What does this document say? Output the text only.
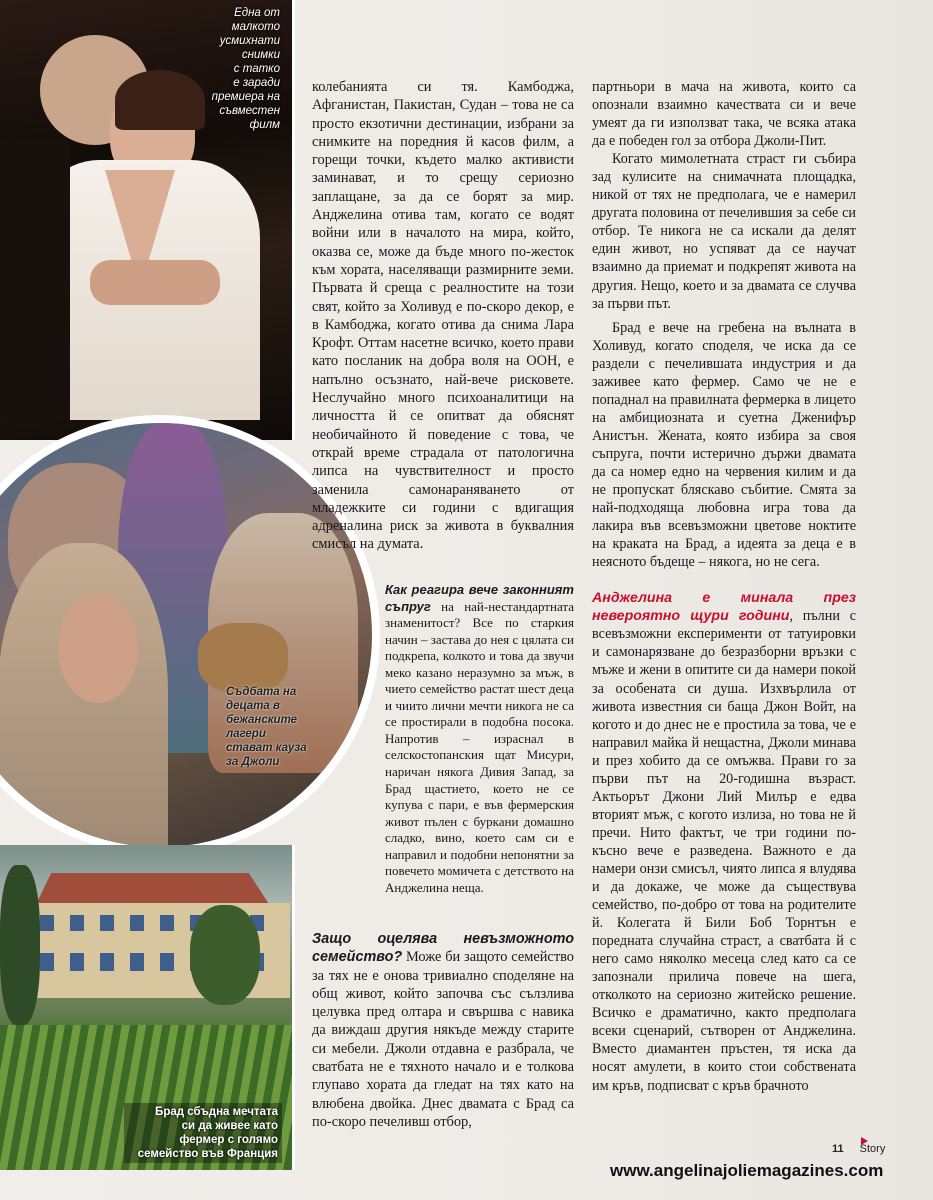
Една от
малкото
усмихнати
снимки
с татко
е заради
премиера на
съвместен
филм
Съдбата на
децата в
бежанските
лагери
стават кауза
за Джоли
Брад сбъдна мечтата
си да живее като
фермер с голямо
семейство във Франция

колебанията си тя. Камбоджа, Афганистан, Пакистан, Судан – това не са просто екзотични дестинации, избрани за снимките на поредния й касов филм, а горещи точки, където малко активисти заминават, и то срещу сериозно заплащане, за да се борят за мир. Анджелина отива там, когато се водят войни или в началото на мира, който, оказва се, може да бъде много по-жесток към хората, населяващи размирните земи. Първата й среща с реалностите на този свят, който за Холивуд е по-скоро декор, е в Камбоджа, когато отива да снима Лара Крофт. Оттам насетне всичко, което прави като посланик на добра воля на ООН, е напълно осъзнато, най-вече рисковете. Неслучайно много психоаналитици на личността й се опитват да обяснят необичайното й поведение с това, че открай време страдала от патологична липса на чувствителност и просто заменила самонараняването от младежките си години с вдигащия адреналина риск за живота в буквалния смисъл на думата.

Как реагира вече законният съпруг на най-нестандартната знаменитост? Все по старкия начин – застава до нея с цялата си подкрепа, колкото и това да звучи меко казано неразумно за мъж, в чието семейство растат шест деца и чиито лични мечти никога не са се простирали в подобна посока. Напротив – израснал в селскостопанския щат Мисури, наричан някога Дивия Запад, за Брад щастието, което не се купува с пари, е във фермерския живот пълен с буркани домашно сладко, вино, което сам си е направил и подобни непонятни за повечето момичета с детството на Анджелина неща.

Защо оцелява невъзможното семейство? Може би защото семейство за тях не е онова тривиално споделяне на общ живот, който започва със сълзлива целувка пред олтара и свършва с навика да виждаш другия някъде между старите си мебели. Джоли отдавна е разбрала, че сватбата не е тяхното начало и е толкова глупаво хората да гледат на тях като на влюбена двойка. Днес двамата с Брад са по-скоро печеливш отбор,

партньори в мача на живота, които са опознали взаимно качествата си и вече умеят да ги използват така, че всяка атака да е победен гол за отбора Джоли-Пит.

Когато мимолетната страст ги събира зад кулисите на снимачната площадка, никой от тях не предполага, че е намерил другата половина от печелившия за себе си отбор. Те никога не са искали да делят един живот, но успяват да се научат взаимно да приемат и подкрепят живота на другия. Нещо, което и за двамата се случва за първи път.

Брад е вече на гребена на вълната в Холивуд, когато споделя, че иска да се раздели с печелившата индустрия и да заживее като фермер. Само че не е попаднал на правилната фермерка в лицето на амбициозната и суетна Дженифър Анистън. Жената, която избира за своя съпруга, почти истерично държи двамата да са номер едно на червения килим и да не пропускат бляскаво събитие. Смята за най-подходяща любовна игра това да лакира във всевъзможни цветове ноктите на краката на Брад, а идеята за деца е в неясното бъдеще – някога, но не сега.

Анджелина е минала през невероятно щури години, пълни с всевъзможни експерименти от татуировки и самонарязване до безразборни връзки с мъже и жени в опитите си да намери покой за особената си душа. Изхвърлила от живота известния си баща Джон Войт, на когото и до днес не е простила за това, че е направил майка й нещастна, Джоли минава и през хобито да се омъжва. Прави го за първи път на 20-годишна възраст. Актьорът Джони Лий Милър е едва вторият мъж, с когото излиза, но това не й пречи. Нито фактът, че три години по-късно вече е разведена. Важното е да намери онзи смисъл, чиято липса я влудява и да докаже, че може да съществува семейство, по-добро от това на родителите й. Колегата й Били Боб Торнтън е поредната случайна страст, а сватбата й с него само няколко месеца след като са се запознали прилича повече на шега, отколкото на сериозно житейско решение. Всичко е драматично, както предполага всеки сценарий, сътворен от Анджелина. Вместо диамантен пръстен, тя иска да носят амулети, в които стои собствената им кръв, подписват с кръв брачното

11 Story
www.angelinajoliemagazines.com
